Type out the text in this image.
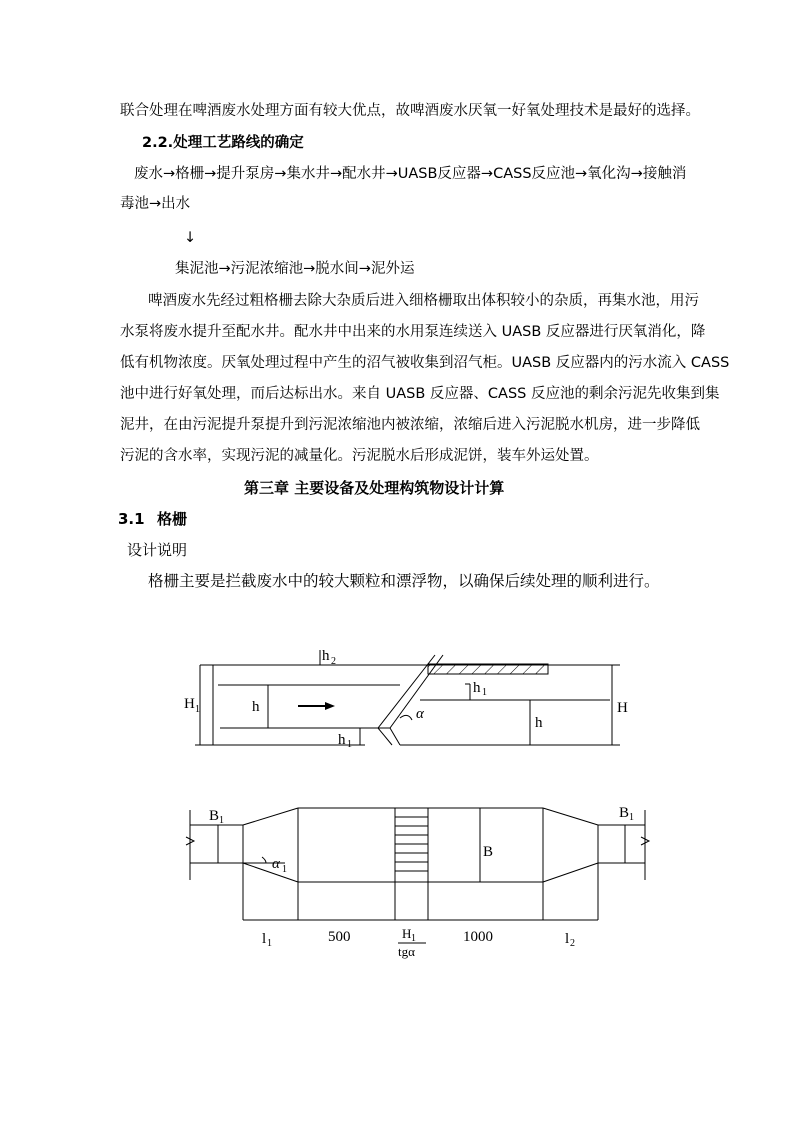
联合处理在啤酒废水处理方面有较大优点，故啤酒废水厌氧一好氧处理技术是最好的选择。
2.2.处理工艺路线的确定
废水→格栅→提升泵房→集水井→配水井→UASB反应器→CASS反应池→氧化沟→接触消
毒池→出水
↓
集泥池→污泥浓缩池→脱水间→泥外运
啤酒废水先经过粗格栅去除大杂质后进入细格栅取出体积较小的杂质，再集水池，用污
水泵将废水提升至配水井。配水井中出来的水用泵连续送入 UASB 反应器进行厌氧消化，降
低有机物浓度。厌氧处理过程中产生的沼气被收集到沼气柜。UASB 反应器内的污水流入 CASS
池中进行好氧处理，而后达标出水。来自 UASB 反应器、CASS 反应池的剩余污泥先收集到集
泥井，在由污泥提升泵提升到污泥浓缩池内被浓缩，浓缩后进入污泥脱水机房，进一步降低
污泥的含水率，实现污泥的减量化。污泥脱水后形成泥饼，装车外运处置。
第三章 主要设备及处理构筑物设计计算
3.1 格栅
设计说明
格栅主要是拦截废水中的较大颗粒和漂浮物，以确保后续处理的顺利进行。
h 2
H 1	h
h 1
h
H
h 1
α
B 1	B 1
B
α 1
l 1	500	H 1
tgα
1000	l 2
